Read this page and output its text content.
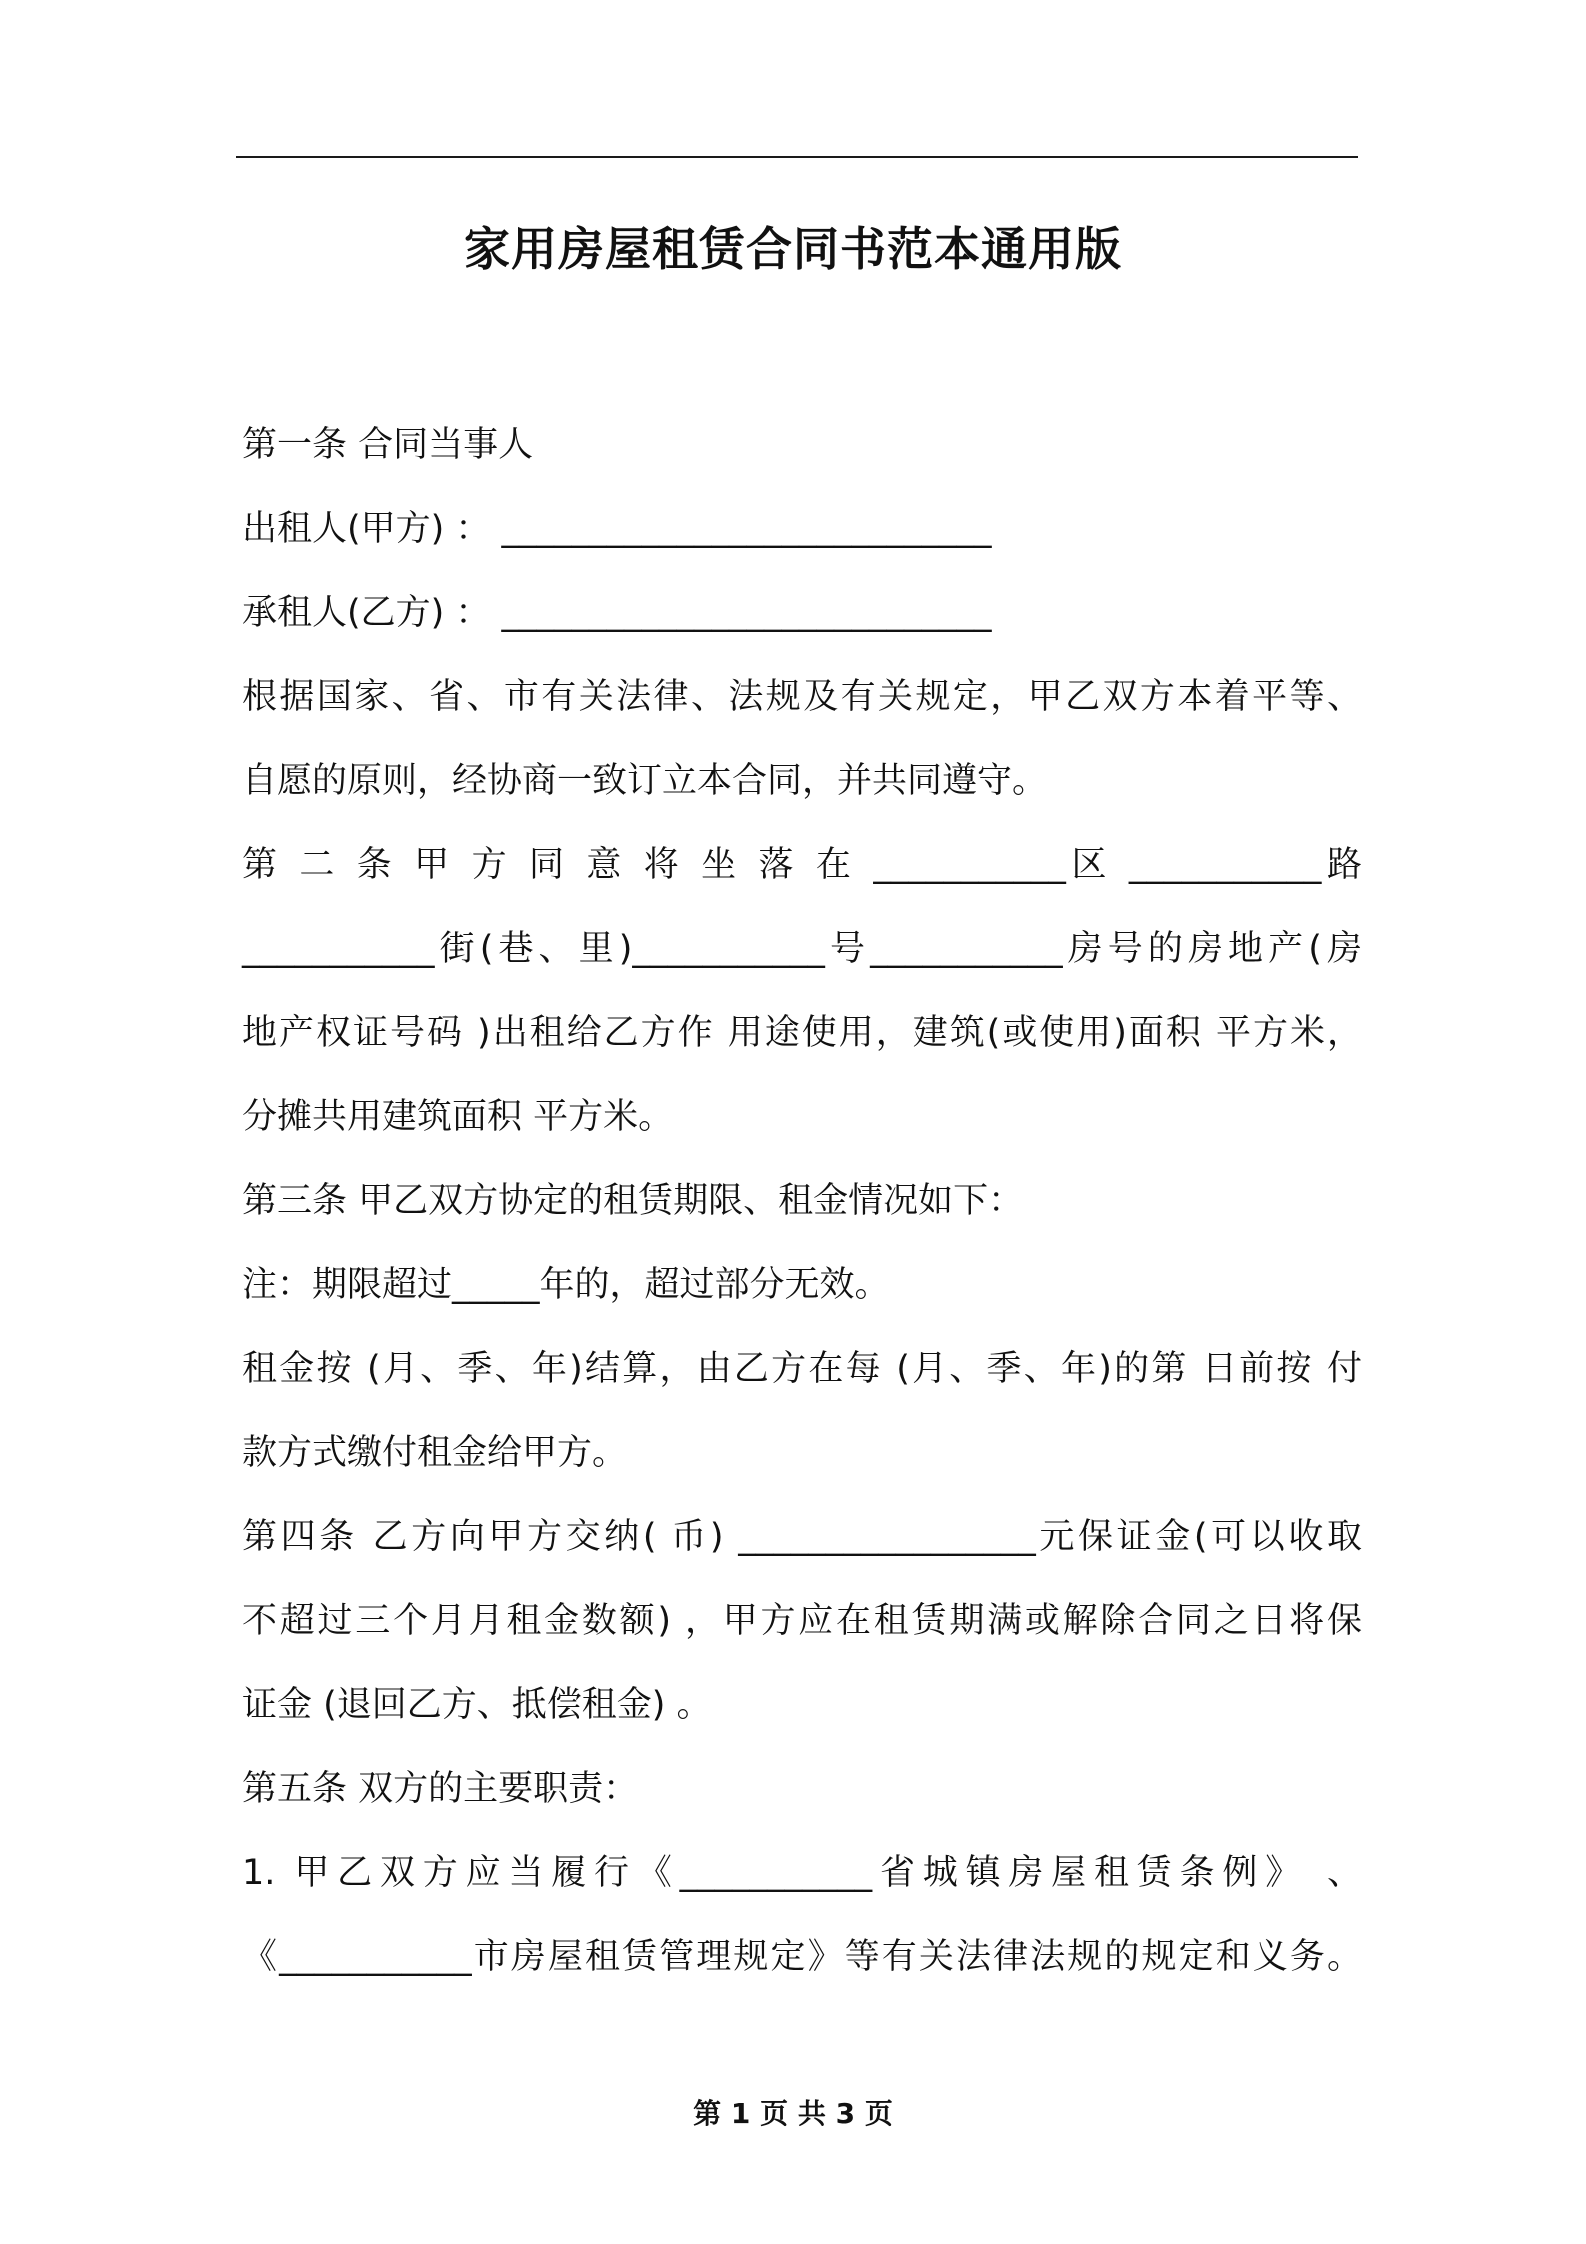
家用房屋租赁合同书范本通用版
第一条 合同当事人
出租人(甲方) ： ____________________________
承租人(乙方) ： ____________________________
根据国家、省、市有关法律、法规及有关规定，甲乙双方本着平等、
自愿的原则，经协商一致订立本合同，并共同遵守。
第 二 条 甲 方 同 意 将 坐 落 在 ___________区 ___________路
___________街(巷、里)___________号___________房号的房地产(房
地产权证号码 )出租给乙方作 用途使用，建筑(或使用)面积 平方米，
分摊共用建筑面积 平方米。
第三条 甲乙双方协定的租赁期限、租金情况如下：
注：期限超过_____年的，超过部分无效。
租金按 (月、季、年)结算，由乙方在每 (月、季、年)的第 日前按 付
款方式缴付租金给甲方。
第四条 乙方向甲方交纳( 币) _________________元保证金(可以收取
不超过三个月月租金数额) ，甲方应在租赁期满或解除合同之日将保
证金 (退回乙方、抵偿租金) 。
第五条 双方的主要职责：
1. 甲乙双方应当履行《___________省城镇房屋租赁条例》 、
《___________市房屋租赁管理规定》等有关法律法规的规定和义务。
第 1 页 共 3 页
